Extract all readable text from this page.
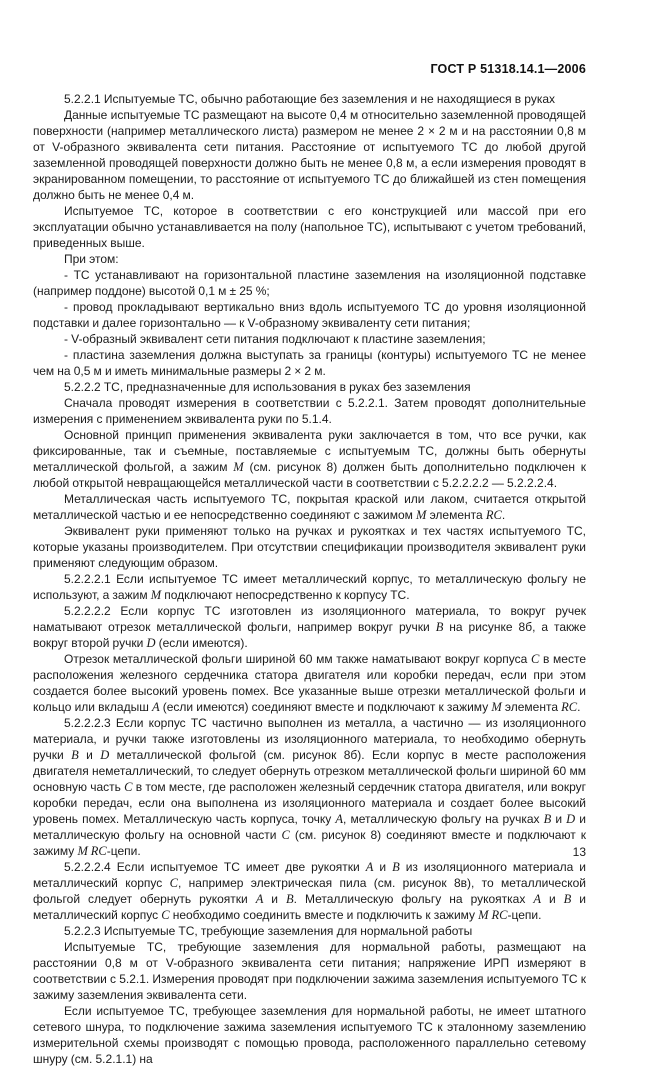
ГОСТ Р 51318.14.1—2006

5.2.2.1 Испытуемые ТС, обычно работающие без заземления и не находящиеся в руках

Данные испытуемые ТС размещают на высоте 0,4 м относительно заземленной проводящей поверхности (например металлического листа) размером не менее 2 × 2 м и на расстоянии 0,8 м от V-образного эквивалента сети питания. Расстояние от испытуемого ТС до любой другой заземленной проводящей поверхности должно быть не менее 0,8 м, а если измерения проводят в экранированном помещении, то расстояние от испытуемого ТС до ближайшей из стен помещения должно быть не менее 0,4 м.

Испытуемое ТС, которое в соответствии с его конструкцией или массой при его эксплуатации обычно устанавливается на полу (напольное ТС), испытывают с учетом требований, приведенных выше.

При этом:

- ТС устанавливают на горизонтальной пластине заземления на изоляционной подставке (например поддоне) высотой 0,1 м ± 25 %;

- провод прокладывают вертикально вниз вдоль испытуемого ТС до уровня изоляционной подставки и далее горизонтально — к V-образному эквиваленту сети питания;

- V-образный эквивалент сети питания подключают к пластине заземления;

- пластина заземления должна выступать за границы (контуры) испытуемого ТС не менее чем на 0,5 м и иметь минимальные размеры 2 × 2 м.

5.2.2.2 ТС, предназначенные для использования в руках без заземления

Сначала проводят измерения в соответствии с 5.2.2.1. Затем проводят дополнительные измерения с применением эквивалента руки по 5.1.4.

Основной принцип применения эквивалента руки заключается в том, что все ручки, как фиксированные, так и съемные, поставляемые с испытуемым ТС, должны быть обернуты металлической фольгой, а зажим M (см. рисунок 8) должен быть дополнительно подключен к любой открытой невращающейся металлической части в соответствии с 5.2.2.2.2 — 5.2.2.2.4.

Металлическая часть испытуемого ТС, покрытая краской или лаком, считается открытой металлической частью и ее непосредственно соединяют с зажимом M элемента RC.

Эквивалент руки применяют только на ручках и рукоятках и тех частях испытуемого ТС, которые указаны производителем. При отсутствии спецификации производителя эквивалент руки применяют следующим образом.

5.2.2.2.1 Если испытуемое ТС имеет металлический корпус, то металлическую фольгу не используют, а зажим M подключают непосредственно к корпусу ТС.

5.2.2.2.2 Если корпус ТС изготовлен из изоляционного материала, то вокруг ручек наматывают отрезок металлической фольги, например вокруг ручки B на рисунке 8б, а также вокруг второй ручки D (если имеются).

Отрезок металлической фольги шириной 60 мм также наматывают вокруг корпуса C в месте расположения железного сердечника статора двигателя или коробки передач, если при этом создается более высокий уровень помех. Все указанные выше отрезки металлической фольги и кольцо или вкладыш A (если имеются) соединяют вместе и подключают к зажиму M элемента RC.

5.2.2.2.3 Если корпус ТС частично выполнен из металла, а частично — из изоляционного материала, и ручки также изготовлены из изоляционного материала, то необходимо обернуть ручки B и D металлической фольгой (см. рисунок 8б). Если корпус в месте расположения двигателя неметаллический, то следует обернуть отрезком металлической фольги шириной 60 мм основную часть C в том месте, где расположен железный сердечник статора двигателя, или вокруг коробки передач, если она выполнена из изоляционного материала и создает более высокий уровень помех. Металлическую часть корпуса, точку A, металлическую фольгу на ручках B и D и металлическую фольгу на основной части C (см. рисунок 8) соединяют вместе и подключают к зажиму M RC-цепи.

5.2.2.2.4 Если испытуемое ТС имеет две рукоятки A и B из изоляционного материала и металлический корпус C, например электрическая пила (см. рисунок 8в), то металлической фольгой следует обернуть рукоятки A и B. Металлическую фольгу на рукоятках A и B и металлический корпус C необходимо соединить вместе и подключить к зажиму M RC-цепи.

5.2.2.3 Испытуемые ТС, требующие заземления для нормальной работы

Испытуемые ТС, требующие заземления для нормальной работы, размещают на расстоянии 0,8 м от V-образного эквивалента сети питания; напряжение ИРП измеряют в соответствии с 5.2.1. Измерения проводят при подключении зажима заземления испытуемого ТС к зажиму заземления эквивалента сети.

Если испытуемое ТС, требующее заземления для нормальной работы, не имеет штатного сетевого шнура, то подключение зажима заземления испытуемого ТС к эталонному заземлению измерительной схемы производят с помощью провода, расположенного параллельно сетевому шнуру (см. 5.2.1.1) на

13
